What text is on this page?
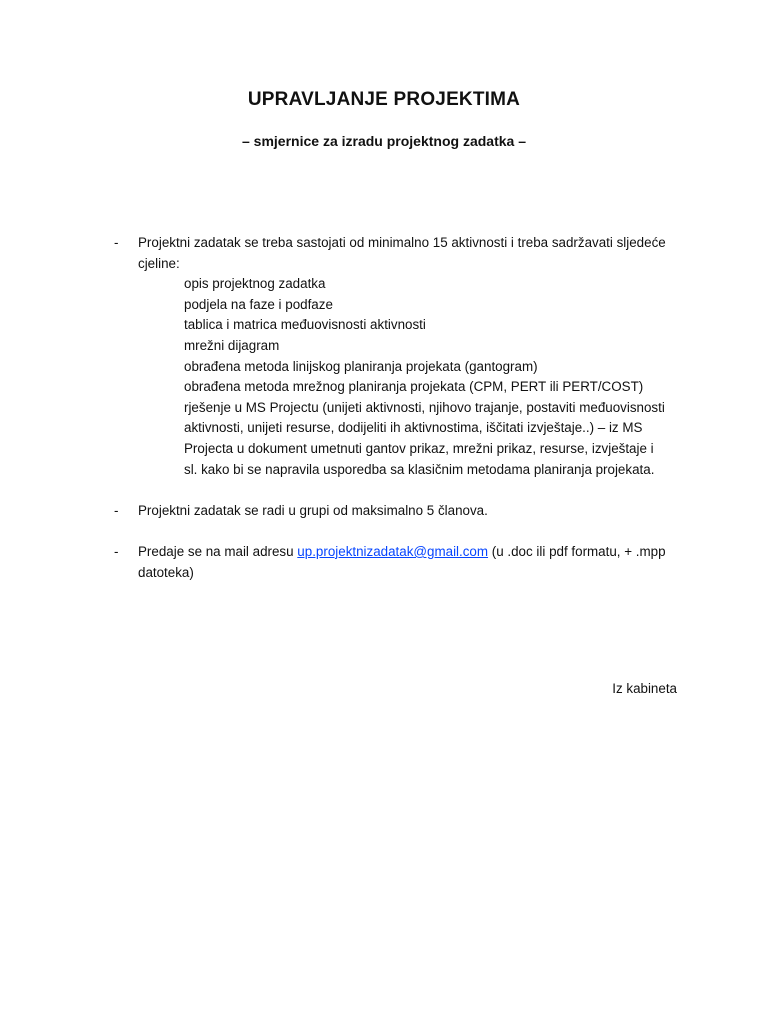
UPRAVLJANJE PROJEKTIMA
– smjernice za izradu projektnog zadatka –
- Projektni zadatak se treba sastojati od minimalno 15 aktivnosti i treba sadržavati sljedeće cjeline:
opis projektnog zadatka
podjela na faze i podfaze
tablica i matrica međuovisnosti aktivnosti
mrežni dijagram
obrađena metoda linijskog planiranja projekata (gantogram)
obrađena metoda mrežnog planiranja projekata (CPM, PERT ili PERT/COST)
rješenje u MS Projectu (unijeti aktivnosti, njihovo trajanje, postaviti međuovisnosti aktivnosti, unijeti resurse, dodijeliti ih aktivnostima, iščitati izvještaje..) – iz MS Projecta u dokument umetnuti gantov prikaz, mrežni prikaz, resurse, izvještaje i sl. kako bi se napravila usporedba sa klasičnim metodama planiranja projekata.
- Projektni zadatak se radi u grupi od maksimalno 5 članova.
- Predaje se na mail adresu up.projektnizadatak@gmail.com (u .doc ili pdf formatu, + .mpp datoteka)
Iz kabineta
